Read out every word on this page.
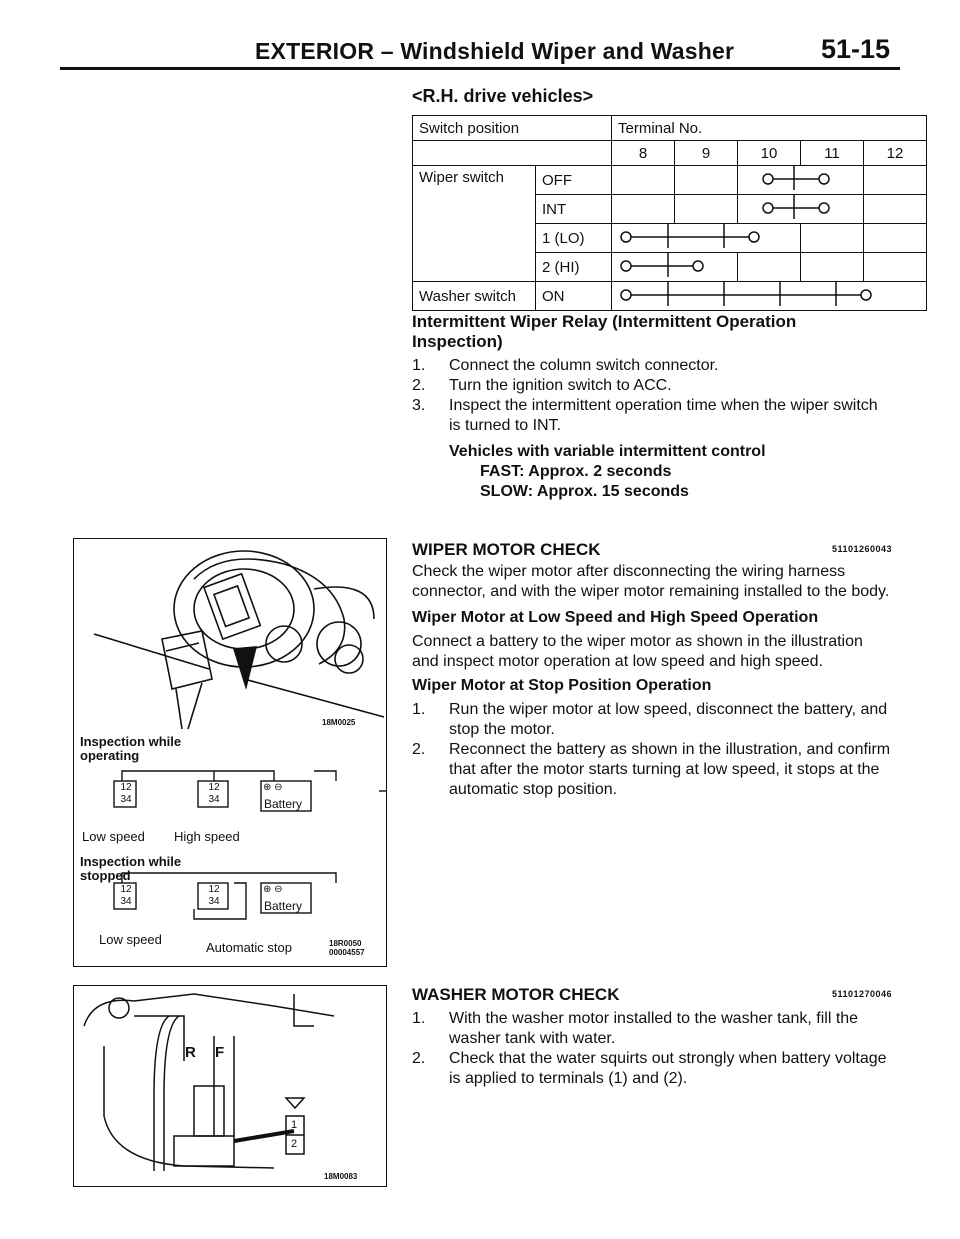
EXTERIOR – Windshield Wiper and Washer	51-15
<R.H. drive vehicles>
Switch position		Terminal No.				
		8	9	10	11	12
Wiper switch	OFF				
	INT				
	1 (LO)			
	2 (HI)				
Washer switch	ON	
Intermittent Wiper Relay (Intermittent Operation
Inspection)
1. Connect the column switch connector.
2. Turn the ignition switch to ACC.
3. Inspect the intermittent operation time when the wiper switch is turned to INT.
Vehicles with variable intermittent control
FAST: Approx. 2 seconds
SLOW: Approx. 15 seconds
18M0025
Inspection while operating
12
34
12
34
⊕ ⊖
Battery
Low speed High speed
Inspection while stopped
12
34
12
34
⊕ ⊖
Battery
Low speed
Automatic stop	18R0050
00004557
WIPER MOTOR CHECK	51101260043
Check the wiper motor after disconnecting the wiring harness connector, and with the wiper motor remaining installed to the body.
Wiper Motor at Low Speed and High Speed Operation
Connect a battery to the wiper motor as shown in the illustration and inspect motor operation at low speed and high speed.
Wiper Motor at Stop Position Operation
1. Run the wiper motor at low speed, disconnect the battery, and stop the motor.
2. Reconnect the battery as shown in the illustration, and confirm that after the motor starts turning at low speed, it stops at the automatic stop position.
R F
1
2
18M0083
WASHER MOTOR CHECK	51101270046
1. With the washer motor installed to the washer tank, fill the washer tank with water.
2. Check that the water squirts out strongly when battery voltage is applied to terminals (1) and (2).
